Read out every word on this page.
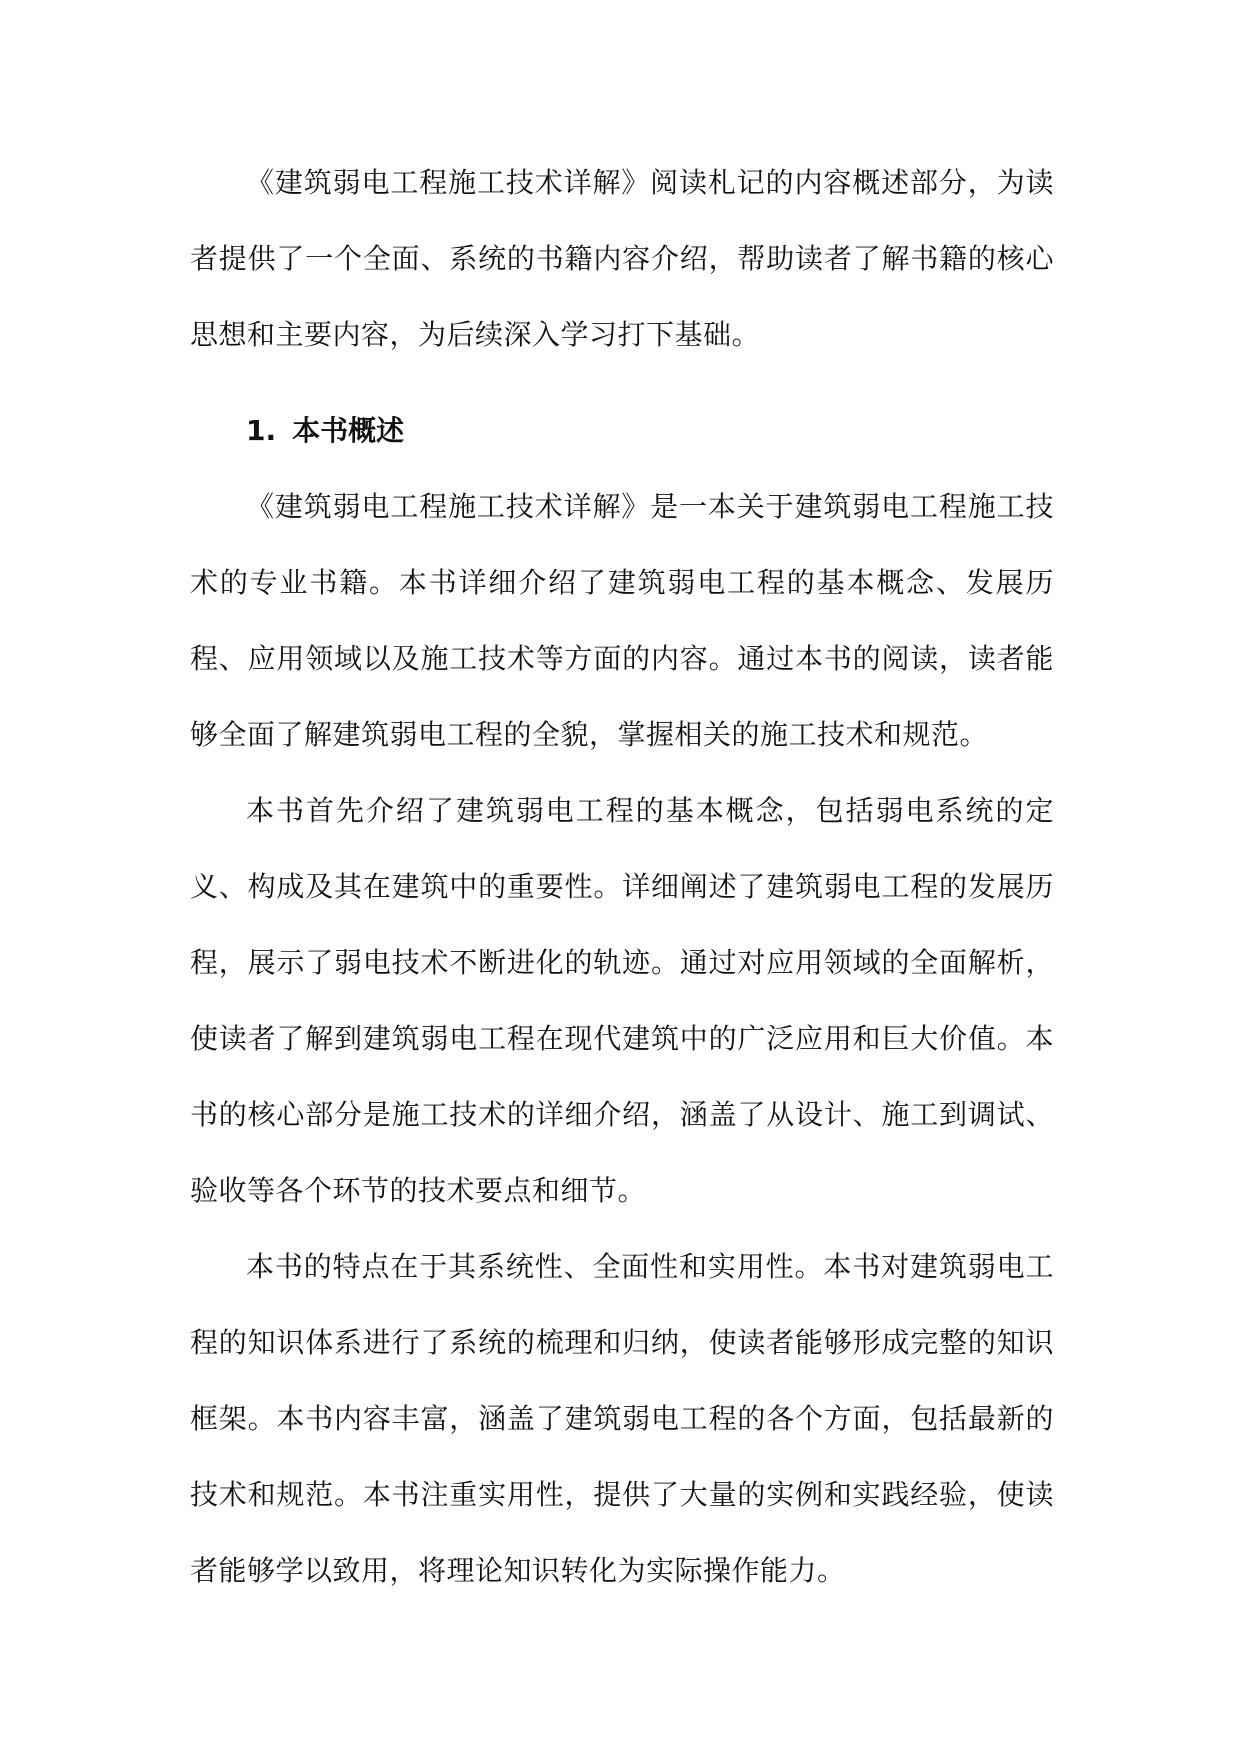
《建筑弱电工程施工技术详解》阅读札记的内容概述部分，为读者提供了一个全面、系统的书籍内容介绍，帮助读者了解书籍的核心思想和主要内容，为后续深入学习打下基础。

1. 本书概述

《建筑弱电工程施工技术详解》是一本关于建筑弱电工程施工技术的专业书籍。本书详细介绍了建筑弱电工程的基本概念、发展历程、应用领域以及施工技术等方面的内容。通过本书的阅读，读者能够全面了解建筑弱电工程的全貌，掌握相关的施工技术和规范。

本书首先介绍了建筑弱电工程的基本概念，包括弱电系统的定义、构成及其在建筑中的重要性。详细阐述了建筑弱电工程的发展历程，展示了弱电技术不断进化的轨迹。通过对应用领域的全面解析，使读者了解到建筑弱电工程在现代建筑中的广泛应用和巨大价值。本书的核心部分是施工技术的详细介绍，涵盖了从设计、施工到调试、验收等各个环节的技术要点和细节。

本书的特点在于其系统性、全面性和实用性。本书对建筑弱电工程的知识体系进行了系统的梳理和归纳，使读者能够形成完整的知识框架。本书内容丰富，涵盖了建筑弱电工程的各个方面，包括最新的技术和规范。本书注重实用性，提供了大量的实例和实践经验，使读者能够学以致用，将理论知识转化为实际操作能力。
